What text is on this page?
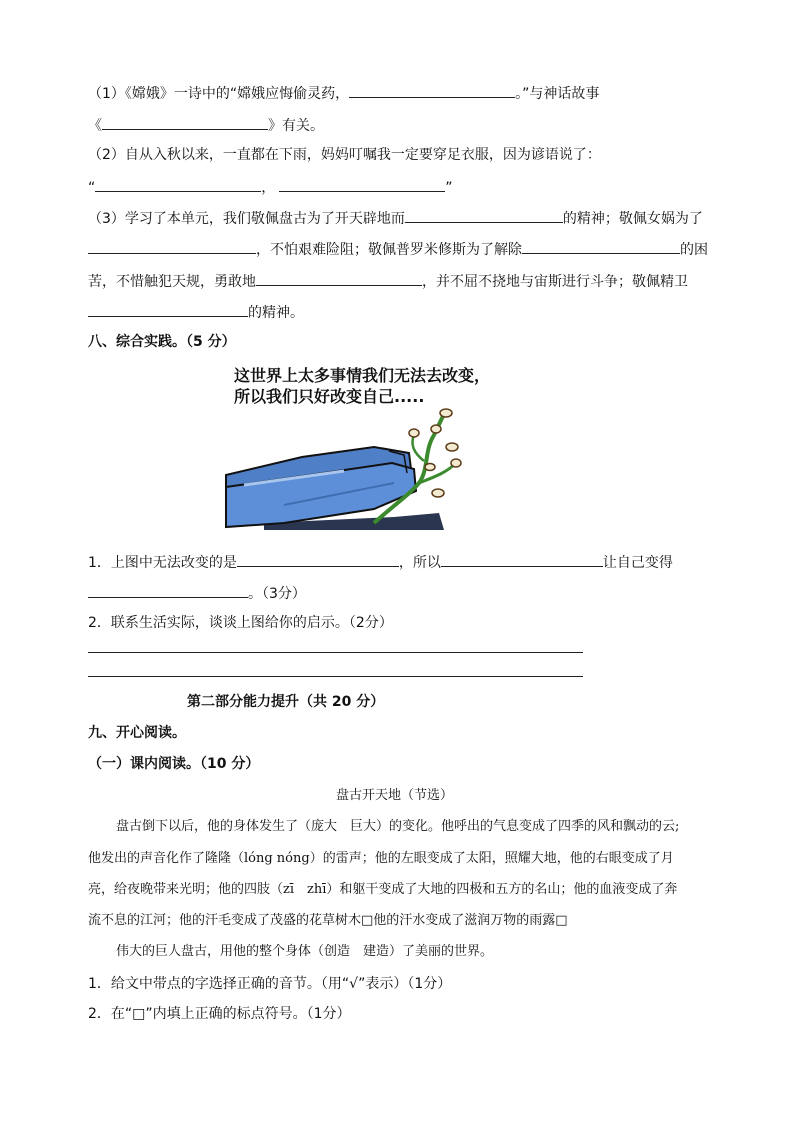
（1）《嫦娥》一诗中的“嫦娥应悔偷灵药，	。”与神话故事
《	》有关。
（2）自从入秋以来，一直都在下雨，妈妈叮嘱我一定要穿足衣服，因为谚语说了：
“	，	”
（3）学习了本单元，我们敬佩盘古为了开天辟地而	的精神；敬佩女娲为了
，不怕艰难险阻；敬佩普罗米修斯为了解除	的困
苦，不惜触犯天规，勇敢地	，并不屈不挠地与宙斯进行斗争；敬佩精卫
的精神。
八、综合实践。（5 分）
这世界上太多事情我们无法去改变，
所以我们只好改变自己.....
1．上图中无法改变的是	，所以	让自己变得
。（3分）
2．联系生活实际，谈谈上图给你的启示。（2分）
第二部分能力提升（共 20 分）
九、开心阅读。
（一）课内阅读。（10 分）
盘古开天地（节选）
盘古倒下以后，他的身体发生了（庞大　巨大）的变化。他呼出的气息变成了四季的风和飘动的云;
他发出的声音化作了隆隆（lóng nóng）的雷声；他的左眼变成了太阳，照耀大地，他的右眼变成了月
亮，给夜晚带来光明；他的四肢（zī　zhī）和躯干变成了大地的四极和五方的名山；他的血液变成了奔
流不息的江河；他的汗毛变成了茂盛的花草树木□他的汗水变成了滋润万物的雨露□
伟大的巨人盘古，用他的整个身体（创造　建造）了美丽的世界。
1．给文中带点的字选择正确的音节。（用“√”表示）（1分）
2．在“□”内填上正确的标点符号。（1分）
